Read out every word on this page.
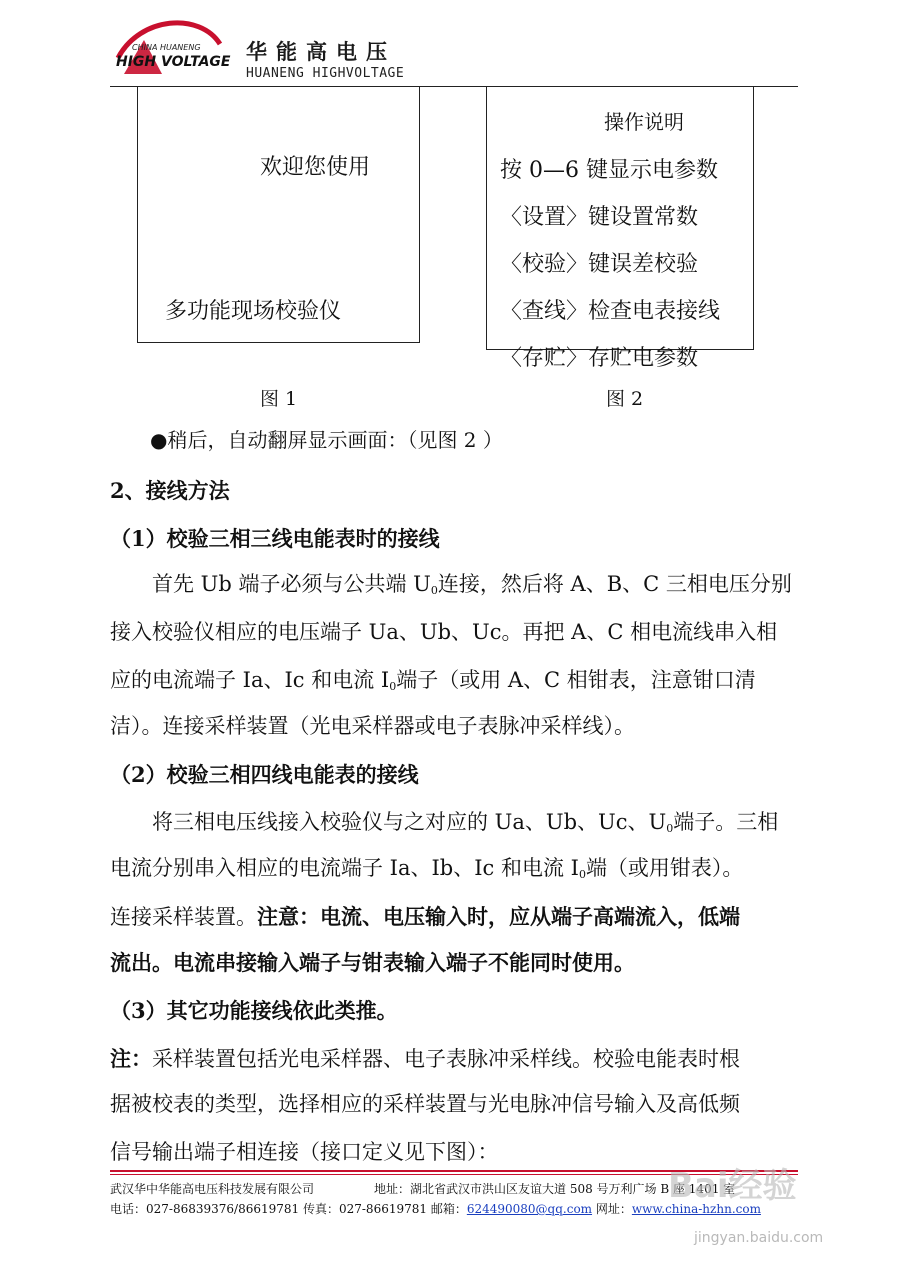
CHINA HUANENG
HIGH VOLTAGE 华能高电压
HUANENG HIGHVOLTAGE
欢迎您使用
多功能现场校验仪
图 1
操作说明
按 0—6 键显示电参数
〈设置〉键设置常数
〈校验〉键误差校验
〈查线〉检查电表接线
〈存贮〉存贮电参数
图 2
●稍后，自动翻屏显示画面：（见图 2 ）
2、接线方法
（1）校验三相三线电能表时的接线
首先 Ub 端子必须与公共端 $U_0$连接，然后将 A、B、C 三相电压分别
接入校验仪相应的电压端子 Ua、Ub、Uc。再把 A、C 相电流线串入相
应的电流端子 Ia、Ic 和电流 $I_0$端子（或用 A、C 相钳表，注意钳口清
洁）。连接采样装置（光电采样器或电子表脉冲采样线）。
（2）校验三相四线电能表的接线
将三相电压线接入校验仪与之对应的 Ua、Ub、Uc、$U_0$端子。三相
电流分别串入相应的电流端子 Ia、Ib、Ic 和电流 $I_0$端（或用钳表）。
连接采样装置。注意：电流、电压输入时，应从端子高端流入，低端
流出。电流串接输入端子与钳表输入端子不能同时使用。
（3）其它功能接线依此类推。
注：采样装置包括光电采样器、电子表脉冲采样线。校验电能表时根
据被校表的类型，选择相应的采样装置与光电脉冲信号输入及高低频
信号输出端子相连接（接口定义见下图）：
武汉华中华能高电压科技发展有限公司	地址：湖北省武汉市洪山区友谊大道 508 号万利广场 B 座 1401 室
电话：027-86839376/86619781 传真：027-86619781 邮箱：624490080@qq.com 网址：www.china-hzhn.com
Bai经验
jingyan.baidu.com
